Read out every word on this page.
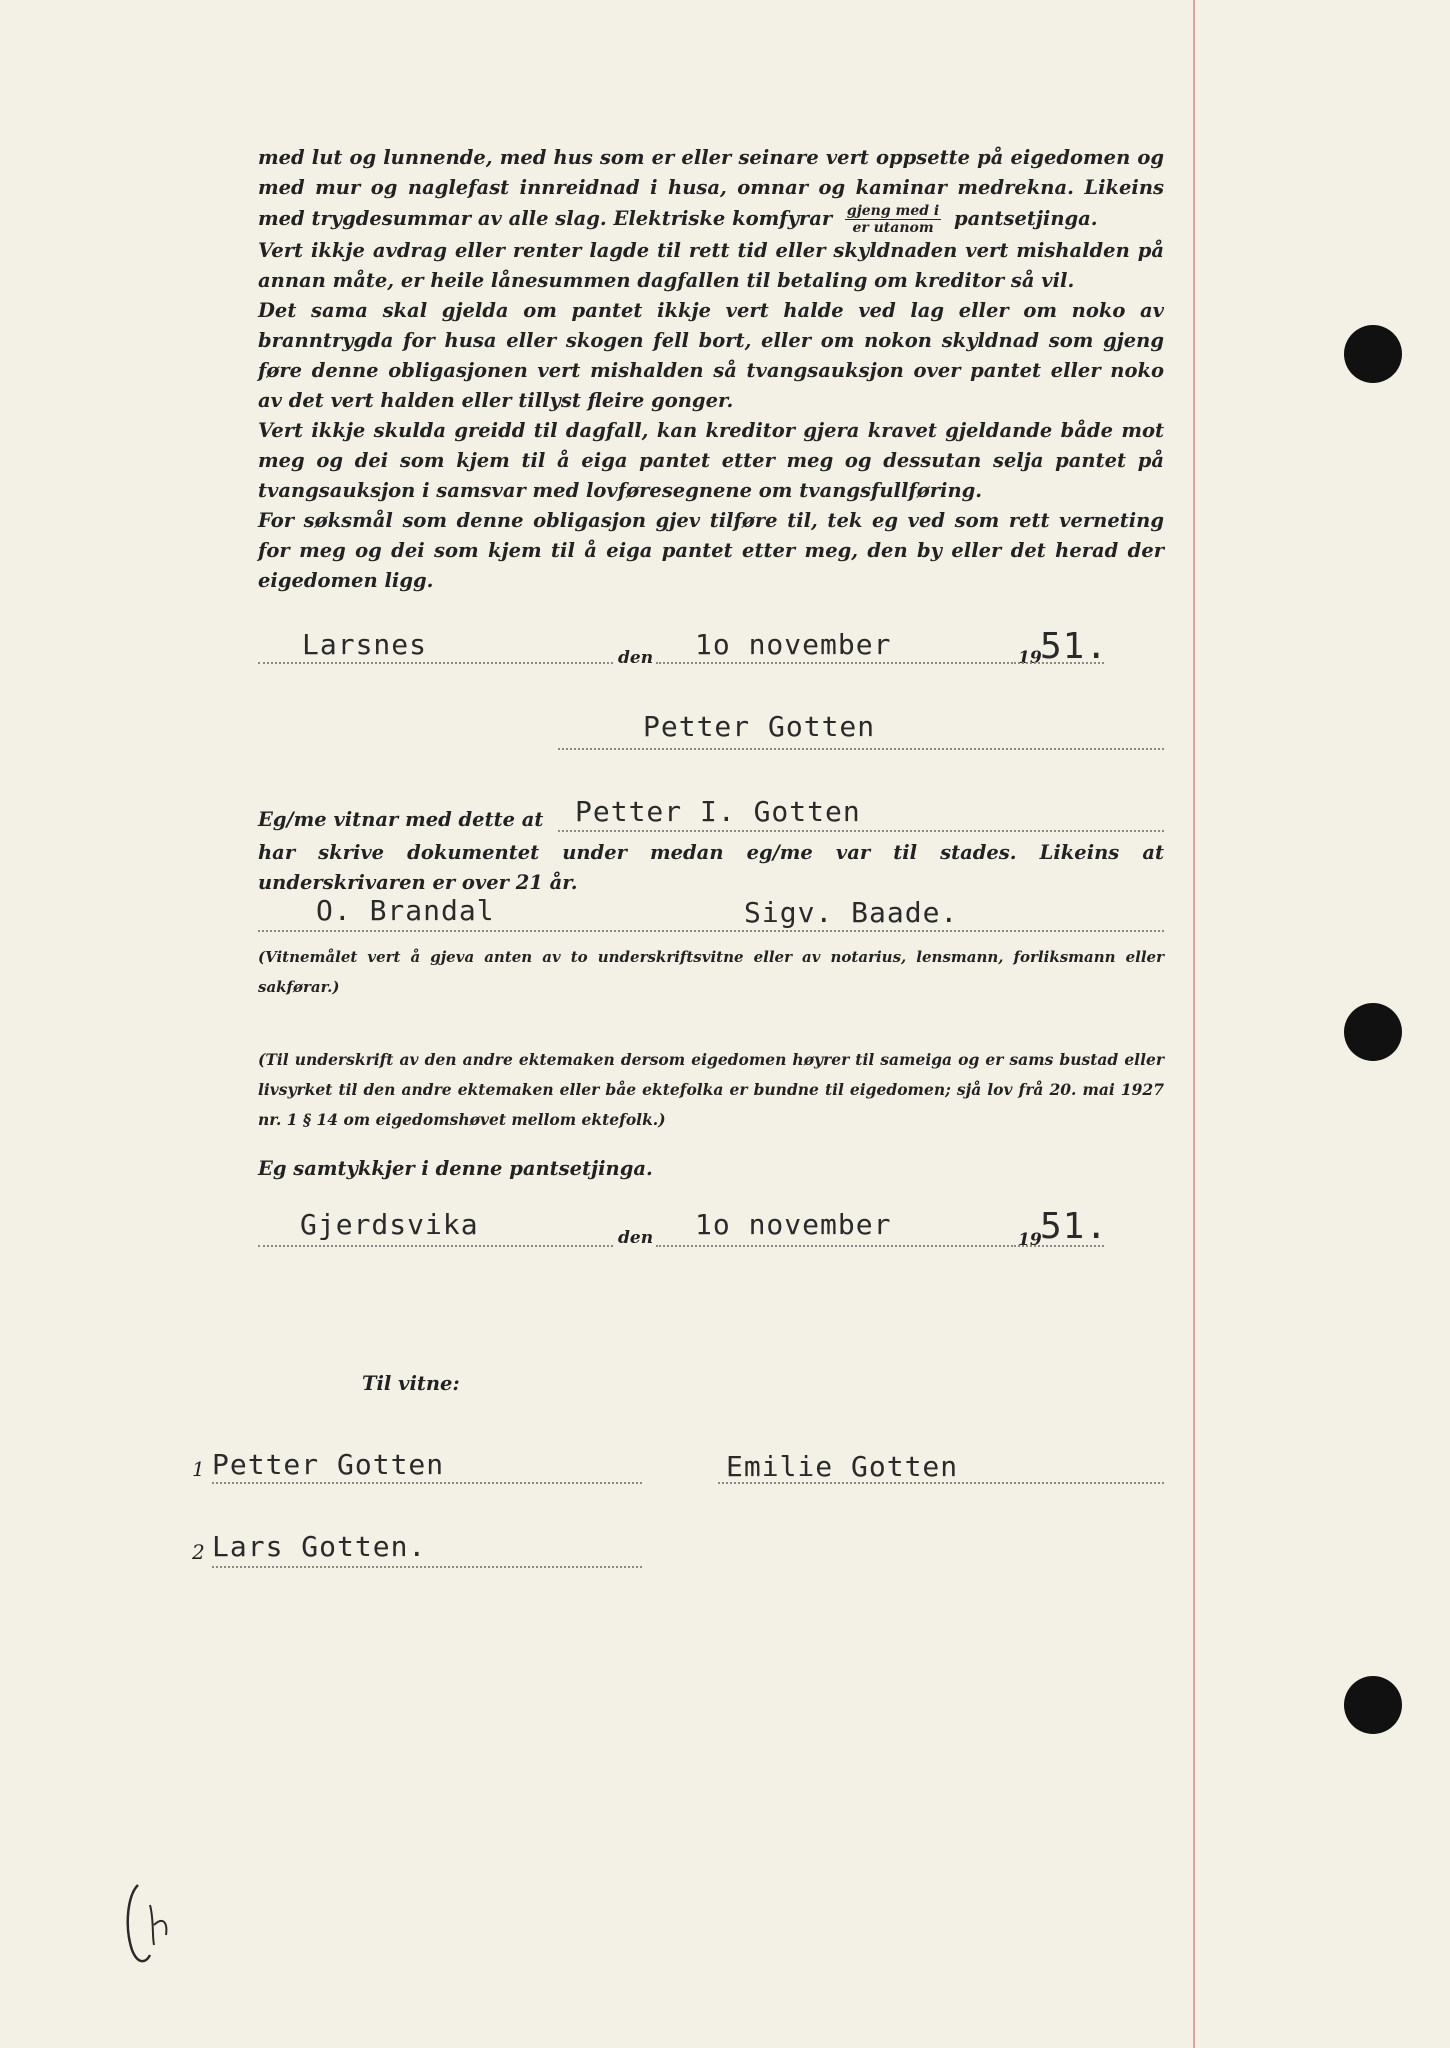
med lut og lunnende, med hus som er eller seinare vert oppsette på eigedomen og med mur og naglefast innreidnad i husa, omnar og kaminar medrekna. Likeins med trygdesummar av alle slag. Elektriske komfyrar $\frac{\text{gjeng med i}}{\text{er utanom}}$ pantsetjinga.

Vert ikkje avdrag eller renter lagde til rett tid eller skyldnaden vert mishalden på annan måte, er heile lånesummen dagfallen til betaling om kreditor så vil.

Det sama skal gjelda om pantet ikkje vert halde ved lag eller om noko av branntrygda for husa eller skogen fell bort, eller om nokon skyldnad som gjeng føre denne obligasjonen vert mishalden så tvangsauksjon over pantet eller noko av det vert halden eller tillyst fleire gonger.

Vert ikkje skulda greidd til dagfall, kan kreditor gjera kravet gjeldande både mot meg og dei som kjem til å eiga pantet etter meg og dessutan selja pantet på tvangsauksjon i samsvar med lovføresegnene om tvangsfullføring.

For søksmål som denne obligasjon gjev tilføre til, tek eg ved som rett verneting for meg og dei som kjem til å eiga pantet etter meg, den by eller det herad der eigedomen ligg.

Larsnes	den 1o november	19
51.
Petter Gotten
Eg/me vitnar med dette at Petter I. Gotten
har skrive dokumentet under medan eg/me var til stades. Likeins at underskrivaren er over 21 år.
O. Brandal	Sigv. Baade.
(Vitnemålet vert å gjeva anten av to underskriftsvitne eller av notarius, lensmann, forliksmann eller sakførar.)
(Til underskrift av den andre ektemaken dersom eigedomen høyrer til sameiga og er sams bustad eller livsyrket til den andre ektemaken eller båe ektefolka er bundne til eigedomen; sjå lov frå 20. mai 1927 nr. 1 § 14 om eigedomshøvet mellom ektefolk.)
Eg samtykkjer i denne pantsetjinga.
Gjerdsvika	den 1o november	19
51.
Til vitne:
1 Petter Gotten	Emilie Gotten
2 Lars Gotten.
